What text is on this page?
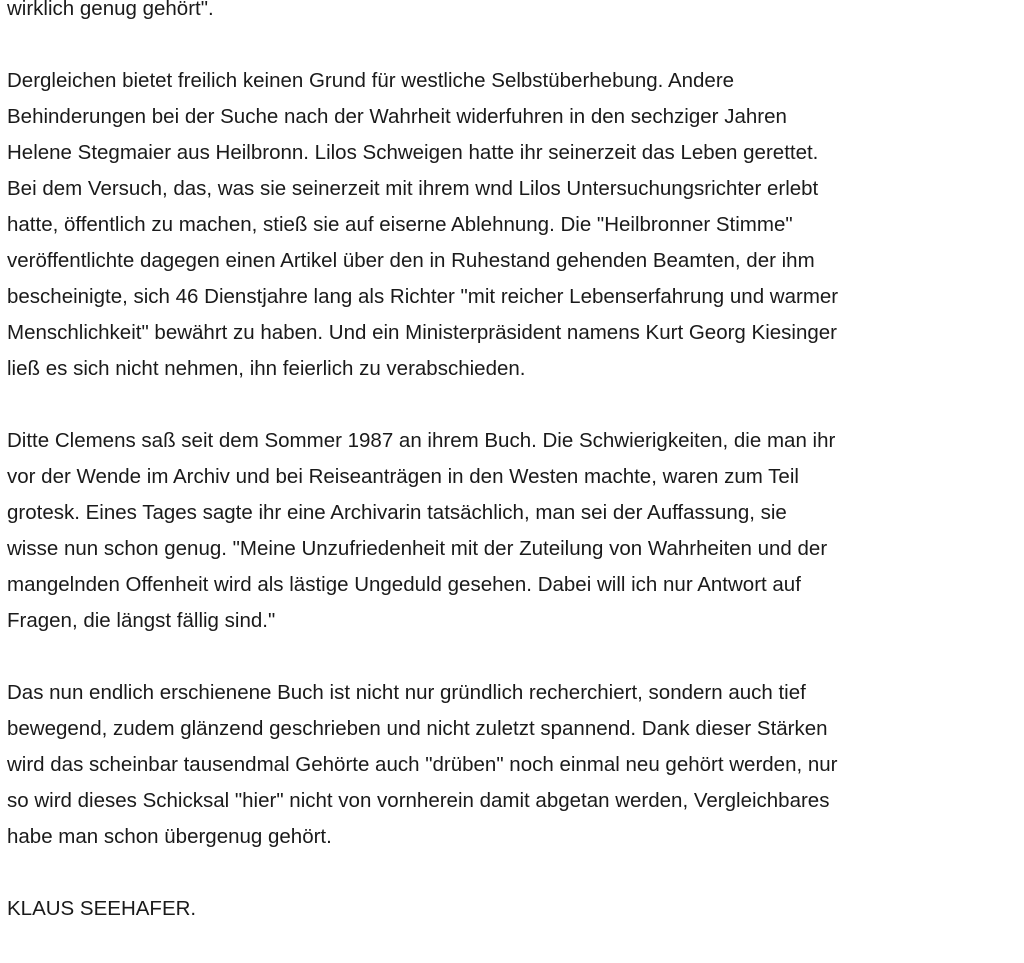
wirklich genug gehört".

Dergleichen bietet freilich keinen Grund für westliche Selbstüberhebung. Andere

Behinderungen bei der Suche nach der Wahrheit widerfuhren in den sechziger Jahren

Helene Stegmaier aus Heilbronn. Lilos Schweigen hatte ihr seinerzeit das Leben gerettet.

Bei dem Versuch, das, was sie seinerzeit mit ihrem wnd Lilos Untersuchungsrichter erlebt

hatte, öffentlich zu machen, stieß sie auf eiserne Ablehnung. Die "Heilbronner Stimme"

veröffentlichte dagegen einen Artikel über den in Ruhestand gehenden Beamten, der ihm

bescheinigte, sich 46 Dienstjahre lang als Richter "mit reicher Lebenserfahrung und warmer

Menschlichkeit" bewährt zu haben. Und ein Ministerpräsident namens Kurt Georg Kiesinger

ließ es sich nicht nehmen, ihn feierlich zu verabschieden.

Ditte Clemens saß seit dem Sommer 1987 an ihrem Buch. Die Schwierigkeiten, die man ihr

vor der Wende im Archiv und bei Reiseanträgen in den Westen machte, waren zum Teil

grotesk. Eines Tages sagte ihr eine Archivarin tatsächlich, man sei der Auffassung, sie

wisse nun schon genug. "Meine Unzufriedenheit mit der Zuteilung von Wahrheiten und der

mangelnden Offenheit wird als lästige Ungeduld gesehen. Dabei will ich nur Antwort auf

Fragen, die längst fällig sind."

Das nun endlich erschienene Buch ist nicht nur gründlich recherchiert, sondern auch tief

bewegend, zudem glänzend geschrieben und nicht zuletzt spannend. Dank dieser Stärken

wird das scheinbar tausendmal Gehörte auch "drüben" noch einmal neu gehört werden, nur

so wird dieses Schicksal "hier" nicht von vornherein damit abgetan werden, Vergleichbares

habe man schon übergenug gehört.

KLAUS SEEHAFER.
